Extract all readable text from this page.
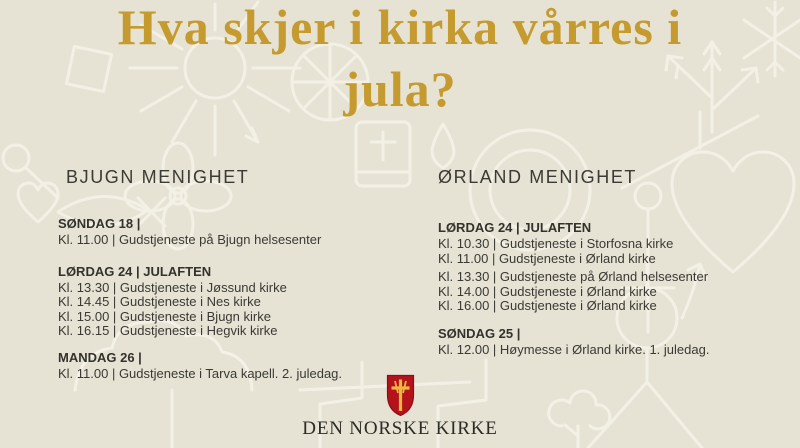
Hva skjer i kirka vårres i
jula?
BJUGN MENIGHET
SØNDAG 18 |
Kl. 11.00 | Gudstjeneste på Bjugn helsesenter
LØRDAG 24 | JULAFTEN
Kl. 13.30 | Gudstjeneste i Jøssund kirke
Kl. 14.45 | Gudstjeneste i Nes kirke
Kl. 15.00 | Gudstjeneste i Bjugn kirke
Kl. 16.15 | Gudstjeneste i Hegvik kirke
MANDAG 26 |
Kl. 11.00 | Gudstjeneste i Tarva kapell. 2. juledag.
ØRLAND MENIGHET
LØRDAG 24 | JULAFTEN
Kl. 10.30 | Gudstjeneste i Storfosna kirke
Kl. 11.00 | Gudstjeneste i Ørland kirke
Kl. 13.30 | Gudstjeneste på Ørland helsesenter
Kl. 14.00 | Gudstjeneste i Ørland kirke
Kl. 16.00 | Gudstjeneste i Ørland kirke
SØNDAG 25 |
Kl. 12.00 | Høymesse i Ørland kirke. 1. juledag.
DEN NORSKE KIRKE
